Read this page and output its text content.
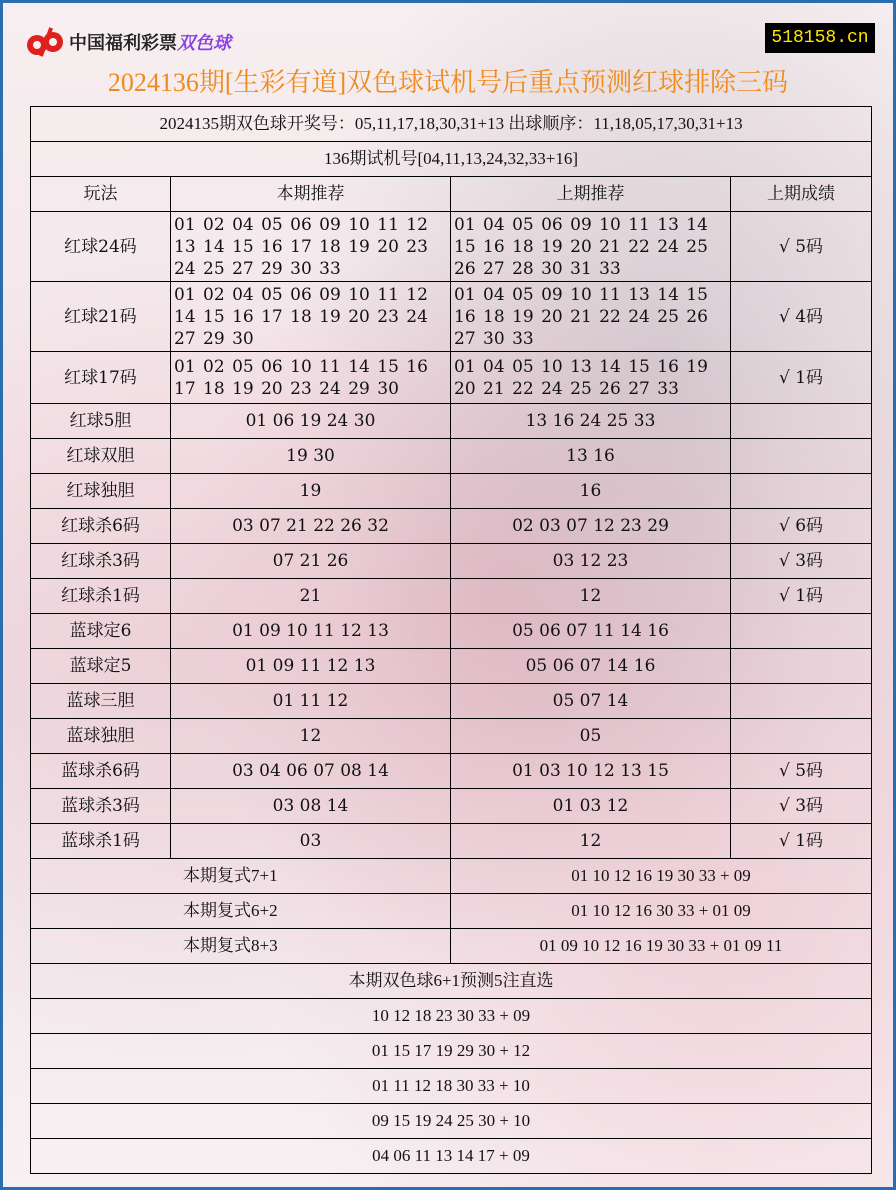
中国福利彩票双色球	518158.cn
2024136期[生彩有道]双色球试机号后重点预测红球排除三码
2024135期双色球开奖号：05,11,17,18,30,31+13 出球顺序：11,18,05,17,30,31+13			
136期试机号[04,11,13,24,32,33+16]			
玩法	本期推荐	上期推荐	上期成绩
红球24码	01 02 04 05 06 09 10 11 12 13 14 15 16 17 18 19 20 23 24 25 27 29 30 33	01 04 05 06 09 10 11 13 14 15 16 18 19 20 21 22 24 25 26 27 28 30 31 33	√ 5码
红球21码	01 02 04 05 06 09 10 11 12 14 15 16 17 18 19 20 23 24 27 29 30	01 04 05 09 10 11 13 14 15 16 18 19 20 21 22 24 25 26 27 30 33	√ 4码
红球17码	01 02 05 06 10 11 14 15 16 17 18 19 20 23 24 29 30	01 04 05 10 13 14 15 16 19 20 21 22 24 25 26 27 33	√ 1码
红球5胆	01 06 19 24 30	13 16 24 25 33	
红球双胆	19 30	13 16	
红球独胆	19	16	
红球杀6码	03 07 21 22 26 32	02 03 07 12 23 29	√ 6码
红球杀3码	07 21 26	03 12 23	√ 3码
红球杀1码	21	12	√ 1码
蓝球定6	01 09 10 11 12 13	05 06 07 11 14 16	
蓝球定5	01 09 11 12 13	05 06 07 14 16	
蓝球三胆	01 11 12	05 07 14	
蓝球独胆	12	05	
蓝球杀6码	03 04 06 07 08 14	01 03 10 12 13 15	√ 5码
蓝球杀3码	03 08 14	01 03 12	√ 3码
蓝球杀1码	03	12	√ 1码
本期复式7+1		01 10 12 16 19 30 33 + 09	
本期复式6+2		01 10 12 16 30 33 + 01 09	
本期复式8+3		01 09 10 12 16 19 30 33 + 01 09 11	
本期双色球6+1预测5注直选			
10 12 18 23 30 33 + 09			
01 15 17 19 29 30 + 12			
01 11 12 18 30 33 + 10			
09 15 19 24 25 30 + 10			
04 06 11 13 14 17 + 09			
